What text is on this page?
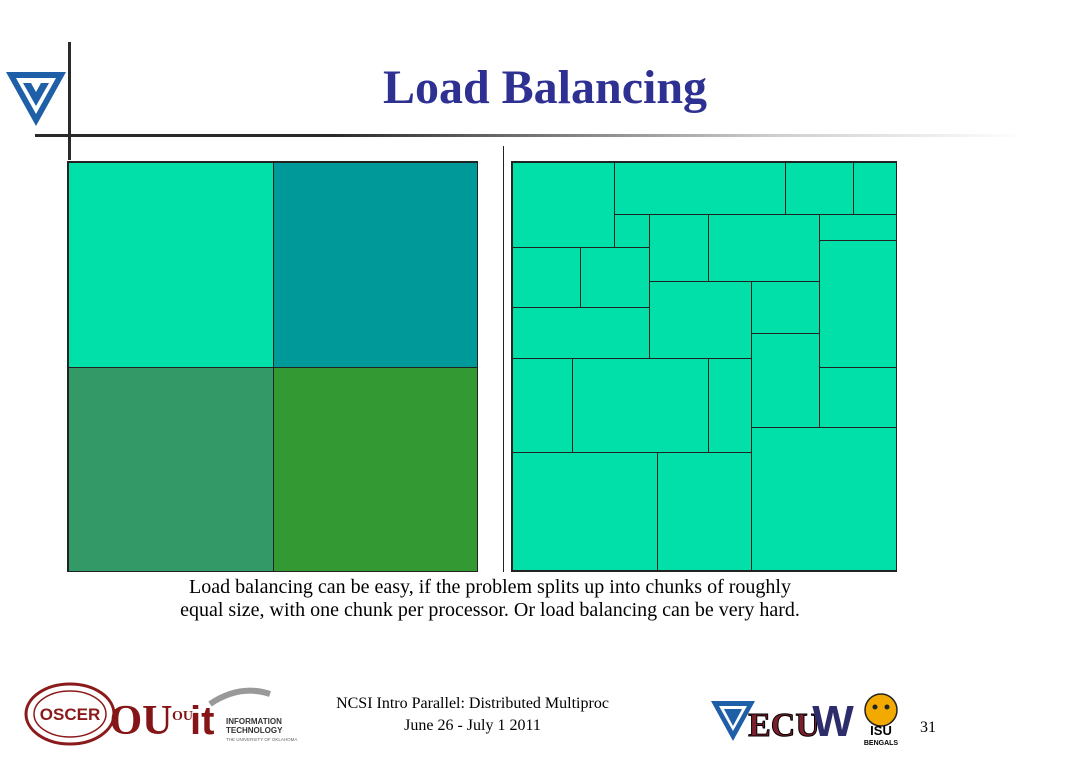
Load Balancing
Load balancing can be easy, if the problem splits up into chunks of roughly
equal size, with one chunk per processor. Or load balancing can be very hard.
OSCER OU OU
it INFORMATION
TECHNOLOGY
THE UNIVERSITY OF OKLAHOMA
NCSI Intro Parallel: Distributed Multiproc
June 26 - July 1 2011	ECU
W ISU
BENGALS
31
